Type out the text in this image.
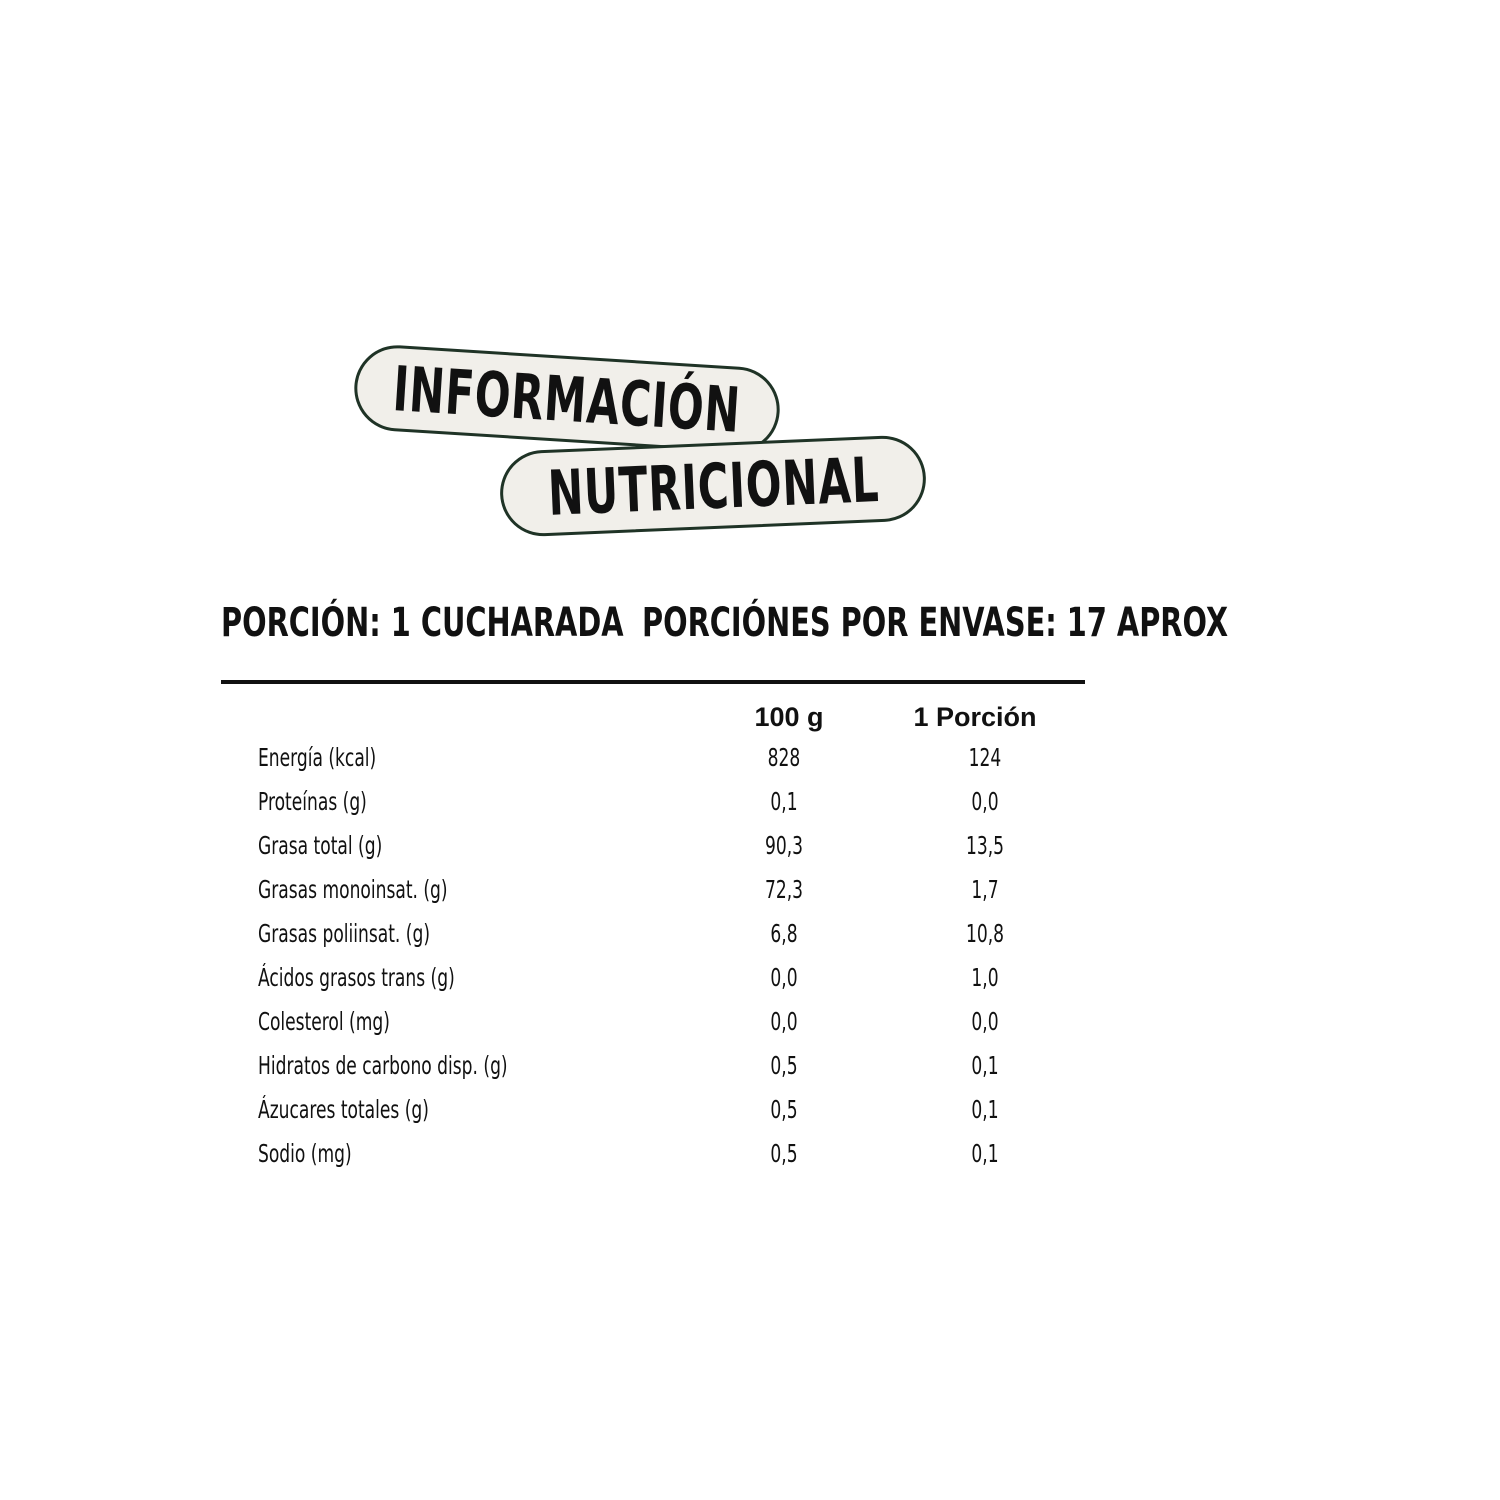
INFORMACIÓN
NUTRICIONAL
PORCIÓN: 1 CUCHARADA PORCIÓNES POR ENVASE: 17 APROX
100 g	1 Porción
Energía (kcal)	828	124
Proteínas (g)	0,1	0,0
Grasa total (g)	90,3	13,5
Grasas monoinsat. (g)	72,3	1,7
Grasas poliinsat. (g)	6,8	10,8
Ácidos grasos trans (g)	0,0	1,0
Colesterol (mg)	0,0	0,0
Hidratos de carbono disp. (g)	0,5	0,1
Ázucares totales (g)	0,5	0,1
Sodio (mg)	0,5	0,1
